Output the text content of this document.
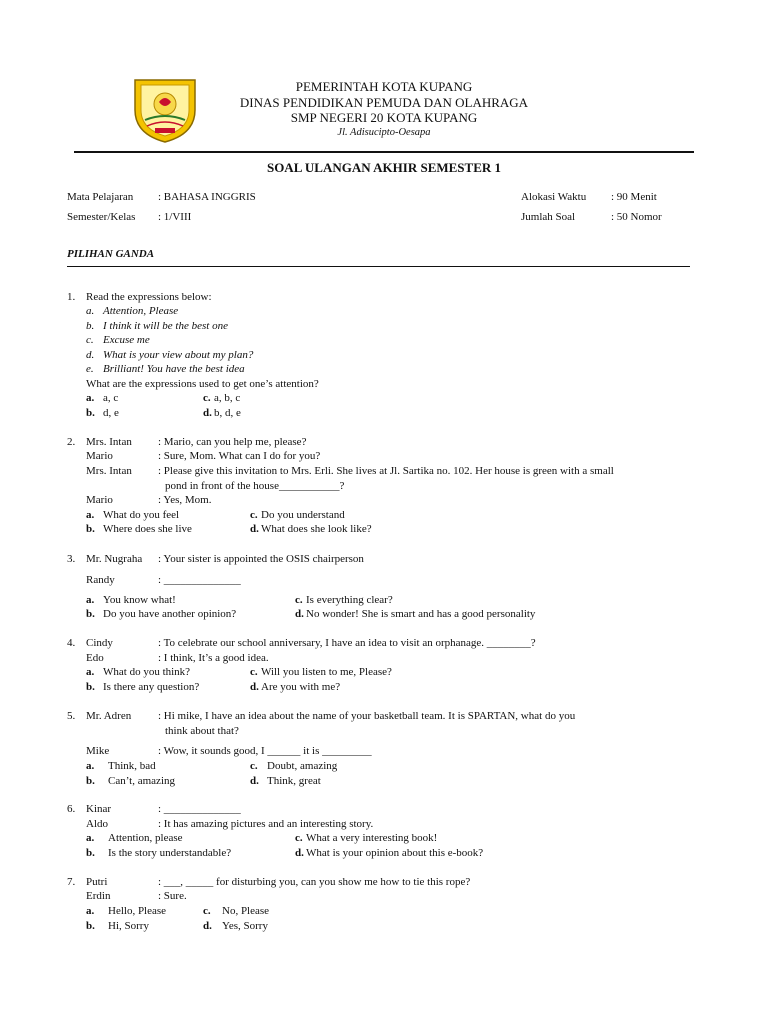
PEMERINTAH KOTA KUPANG
DINAS PENDIDIKAN PEMUDA DAN OLAHRAGA
SMP NEGERI 20 KOTA KUPANG
Jl. Adisucipto-Oesapa
SOAL ULANGAN AKHIR SEMESTER 1
Mata Pelajaran : BAHASA INGGRIS
Semester/Kelas : 1/VIII
Alokasi Waktu : 90 Menit
Jumlah Soal	: 50 Nomor
PILIHAN GANDA
1. Read the expressions below:
a. Attention, Please
b. I think it will be the best one
c. Excuse me
d. What is your view about my plan?
e. Brilliant! You have the best idea
What are the expressions used to get one’s attention?
a. a, c	c. a, b, c
b. d, e	d. b, d, e
2. Mrs. Intan : Mario, can you help me, please?
Mario	: Sure, Mom. What can I do for you?
Mrs. Intan : Please give this invitation to Mrs. Erli. She lives at Jl. Sartika no. 102. Her house is green with a small
pond in front of the house___________?
Mario	: Yes, Mom.
a. What do you feel	c. Do you understand
b. Where does she live	d. What does she look like?
3. Mr. Nugraha : Your sister is appointed the OSIS chairperson
Randy	: ______________
a. You know what!	c. Is everything clear?
b. Do you have another opinion?	d. No wonder! She is smart and has a good personality
4. Cindy	: To celebrate our school anniversary, I have an idea to visit an orphanage. ________?
Edo	: I think, It’s a good idea.
a. What do you think?	c. Will you listen to me, Please?
b. Is there any question?	d. Are you with me?
5. Mr. Adren : Hi mike, I have an idea about the name of your basketball team. It is SPARTAN, what do you
think about that?
Mike	: Wow, it sounds good, I ______ it is _________
a. Think, bad	c. Doubt, amazing
b. Can’t, amazing	d. Think, great
6. Kinar	: ______________
Aldo	: It has amazing pictures and an interesting story.
a. Attention, please	c. What a very interesting book!
b. Is the story understandable?	d. What is your opinion about this e-book?
7. Putri	: ___, _____ for disturbing you, can you show me how to tie this rope?
Erdin	: Sure.
a. Hello, Please	c. No, Please
b. Hi, Sorry	d. Yes, Sorry
